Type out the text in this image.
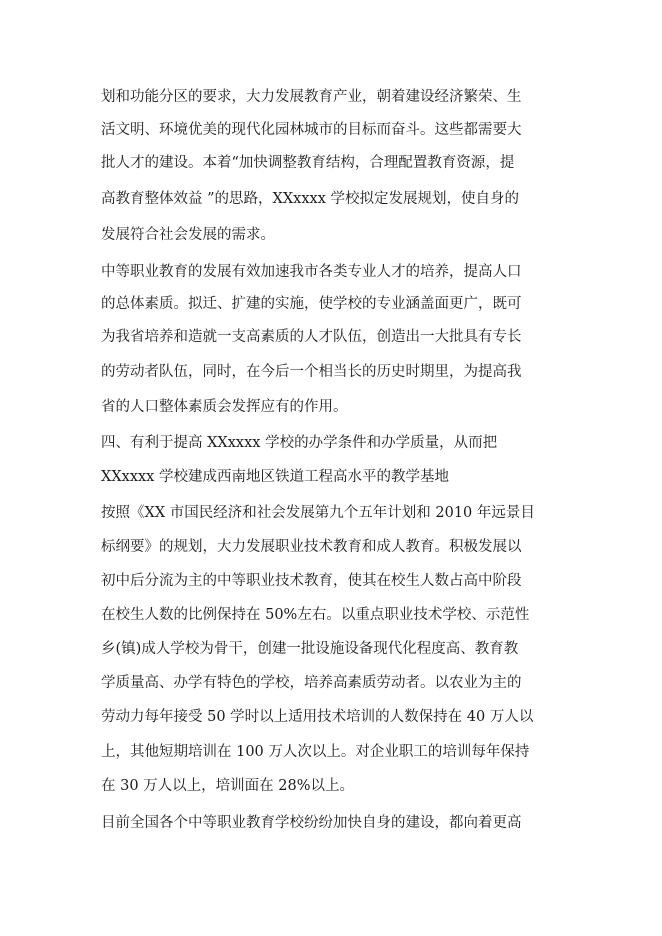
划和功能分区的要求，大力发展教育产业，朝着建设经济繁荣、生
活文明、环境优美的现代化园林城市的目标而奋斗。这些都需要大
批人才的建设。本着“加快调整教育结构，合理配置教育资源，提
高教育整体效益 ”的思路，XXxxxx 学校拟定发展规划，使自身的
发展符合社会发展的需求。
中等职业教育的发展有效加速我市各类专业人才的培养，提高人口
的总体素质。拟迁、扩建的实施，使学校的专业涵盖面更广，既可
为我省培养和造就一支高素质的人才队伍，创造出一大批具有专长
的劳动者队伍，同时，在今后一个相当长的历史时期里，为提高我
省的人口整体素质会发挥应有的作用。
四、有利于提高 XXxxxx 学校的办学条件和办学质量，从而把
XXxxxx 学校建成西南地区铁道工程高水平的教学基地
按照《XX 市国民经济和社会发展第九个五年计划和 2010 年远景目
标纲要》的规划，大力发展职业技术教育和成人教育。积极发展以
初中后分流为主的中等职业技术教育，使其在校生人数占高中阶段
在校生人数的比例保持在 50%左右。以重点职业技术学校、示范性
乡(镇)成人学校为骨干，创建一批设施设备现代化程度高、教育教
学质量高、办学有特色的学校，培养高素质劳动者。以农业为主的
劳动力每年接受 50 学时以上适用技术培训的人数保持在 40 万人以
上，其他短期培训在 100 万人次以上。对企业职工的培训每年保持
在 30 万人以上，培训面在 28%以上。
目前全国各个中等职业教育学校纷纷加快自身的建设，都向着更高
